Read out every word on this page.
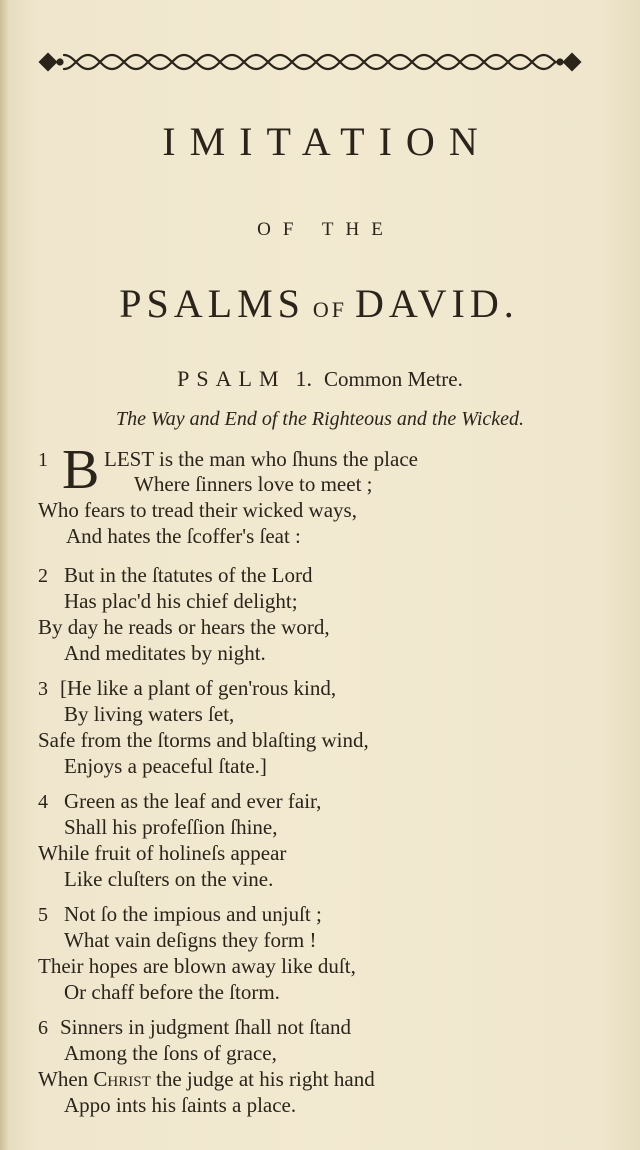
IMITATION
OF THE
PSALMS OF DAVID.
PSALM 1. Common Metre.
The Way and End of the Righteous and the Wicked.
1 B LEST is the man who ſhuns the place
Where ſinners love to meet ;
Who fears to tread their wicked ways,
And hates the ſcoffer's ſeat :
2 But in the ſtatutes of the Lord
Has plac'd his chief delight;
By day he reads or hears the word,
And meditates by night.
3 [He like a plant of gen'rous kind,
By living waters ſet,
Safe from the ſtorms and blaſting wind,
Enjoys a peaceful ſtate.]
4 Green as the leaf and ever fair,
Shall his profeſſion ſhine,
While fruit of holineſs appear
Like cluſters on the vine.
5 Not ſo the impious and unjuſt ;
What vain deſigns they form !
Their hopes are blown away like duſt,
Or chaff before the ſtorm.
6 Sinners in judgment ſhall not ſtand
Among the ſons of grace,
When Christ the judge at his right hand
Appo ints his ſaints a place.
